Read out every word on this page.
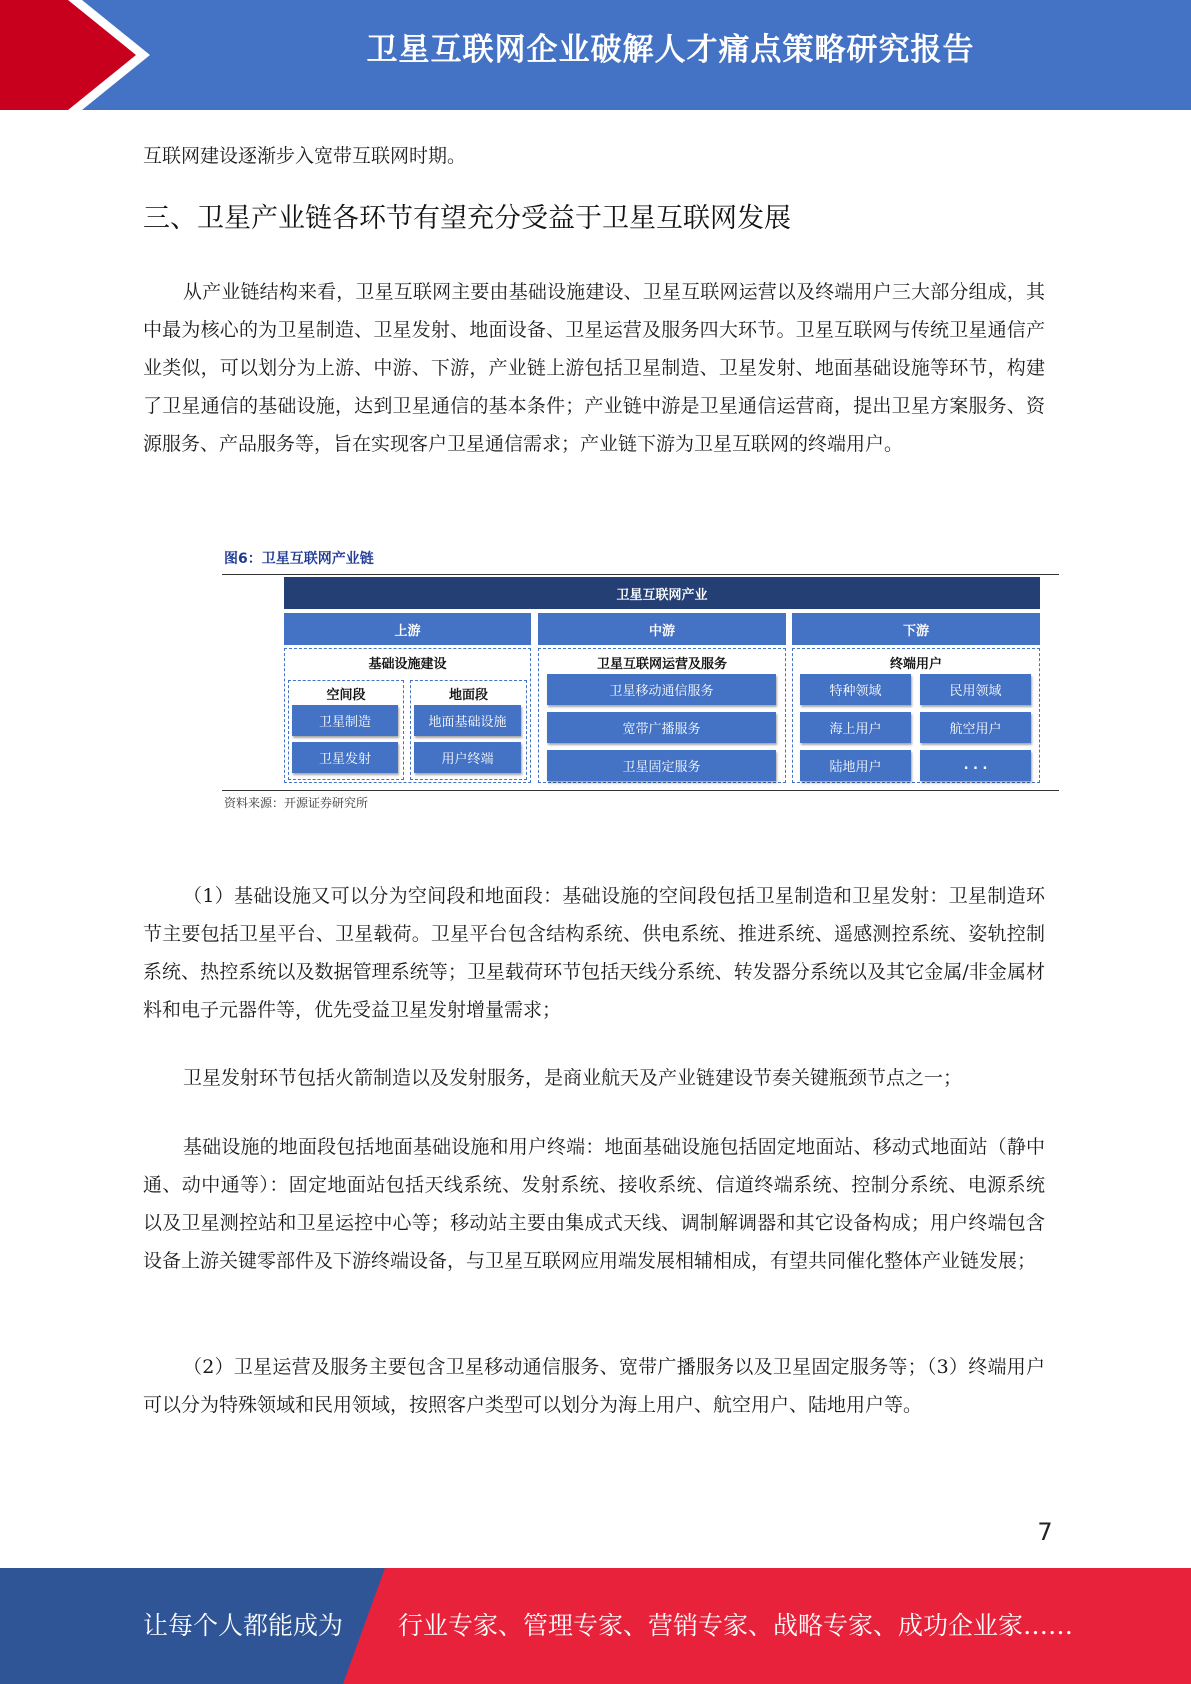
卫星互联网企业破解人才痛点策略研究报告

互联网建设逐渐步入宽带互联网时期。

三、卫星产业链各环节有望充分受益于卫星互联网发展

从产业链结构来看，卫星互联网主要由基础设施建设、卫星互联网运营以及终端用户三大部分组成，其中最为核心的为卫星制造、卫星发射、地面设备、卫星运营及服务四大环节。卫星互联网与传统卫星通信产业类似，可以划分为上游、中游、下游，产业链上游包括卫星制造、卫星发射、地面基础设施等环节，构建了卫星通信的基础设施，达到卫星通信的基本条件；产业链中游是卫星通信运营商，提出卫星方案服务、资源服务、产品服务等，旨在实现客户卫星通信需求；产业链下游为卫星互联网的终端用户。

图6：卫星互联网产业链
卫星互联网产业
上游	中游	下游
基础设施建设
空间段
卫星制造
卫星发射
地面段
地面基础设施
用户终端
卫星互联网运营及服务
卫星移动通信服务
宽带广播服务
卫星固定服务
终端用户
特种领域	民用领域
海上用户	航空用户
陆地用户	. . .
资料来源：开源证券研究所

（1）基础设施又可以分为空间段和地面段：基础设施的空间段包括卫星制造和卫星发射：卫星制造环节主要包括卫星平台、卫星载荷。卫星平台包含结构系统、供电系统、推进系统、遥感测控系统、姿轨控制系统、热控系统以及数据管理系统等；卫星载荷环节包括天线分系统、转发器分系统以及其它金属/非金属材料和电子元器件等，优先受益卫星发射增量需求；

卫星发射环节包括火箭制造以及发射服务，是商业航天及产业链建设节奏关键瓶颈节点之一；

基础设施的地面段包括地面基础设施和用户终端：地面基础设施包括固定地面站、移动式地面站（静中通、动中通等）：固定地面站包括天线系统、发射系统、接收系统、信道终端系统、控制分系统、电源系统以及卫星测控站和卫星运控中心等；移动站主要由集成式天线、调制解调器和其它设备构成；用户终端包含设备上游关键零部件及下游终端设备，与卫星互联网应用端发展相辅相成，有望共同催化整体产业链发展；

（2）卫星运营及服务主要包含卫星移动通信服务、宽带广播服务以及卫星固定服务等；（3）终端用户可以分为特殊领域和民用领域，按照客户类型可以划分为海上用户、航空用户、陆地用户等。

7
让每个人都能成为 行业专家、管理专家、营销专家、战略专家、成功企业家……
